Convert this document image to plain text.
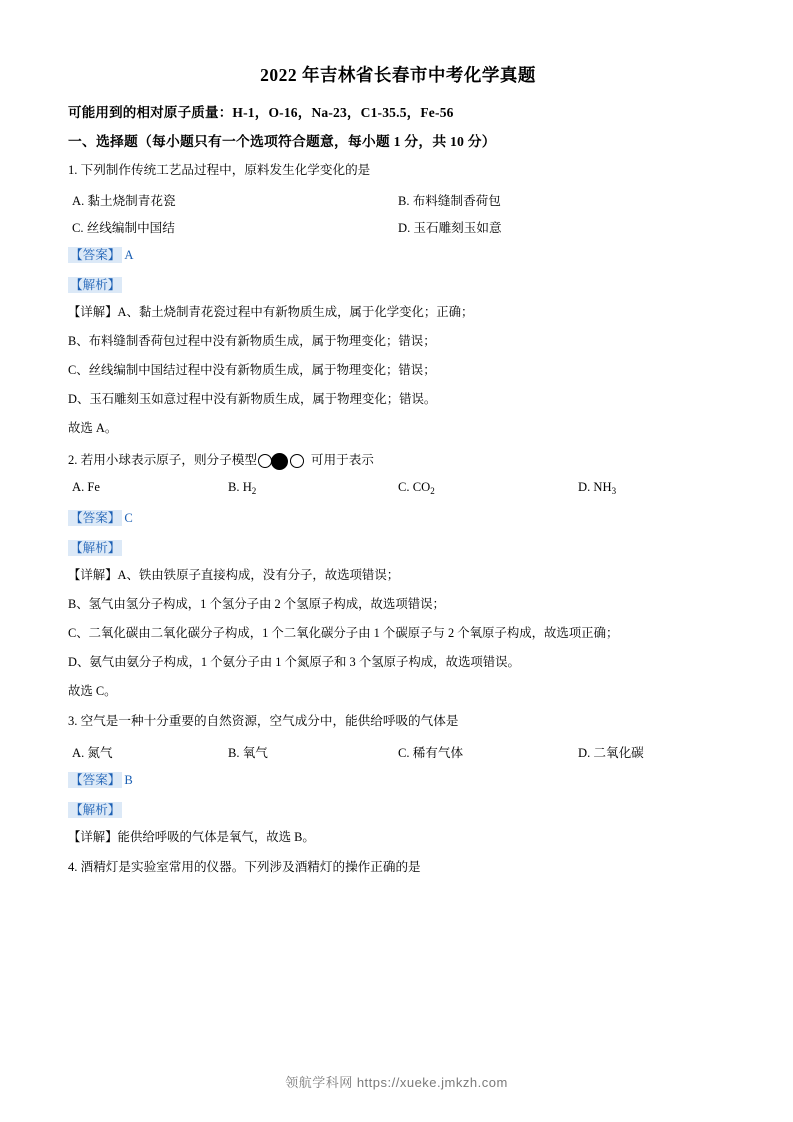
2022 年吉林省长春市中考化学真题
可能用到的相对原子质量：H-1，O-16，Na-23，C1-35.5，Fe-56
一、选择题（每小题只有一个选项符合题意，每小题 1 分，共 10 分）
1. 下列制作传统工艺品过程中，原料发生化学变化的是
A. 黏土烧制青花瓷	B. 布料缝制香荷包
C. 丝线编制中国结	D. 玉石雕刻玉如意
【答案】 A
【解析】
【详解】A、黏土烧制青花瓷过程中有新物质生成，属于化学变化；正确；
B、布料缝制香荷包过程中没有新物质生成，属于物理变化；错误；
C、丝线编制中国结过程中没有新物质生成，属于物理变化；错误；
D、玉石雕刻玉如意过程中没有新物质生成，属于物理变化；错误。
故选 A。
2. 若用小球表示原子，则分子模型	可用于表示
A. Fe	B. $H_2$	C. $CO_2$	D. $NH_3$
【答案】 C
【解析】
【详解】A、铁由铁原子直接构成，没有分子，故选项错误；
B、氢气由氢分子构成，1 个氢分子由 2 个氢原子构成，故选项错误；
C、二氧化碳由二氧化碳分子构成，1 个二氧化碳分子由 1 个碳原子与 2 个氧原子构成，故选项正确；
D、氨气由氨分子构成，1 个氨分子由 1 个氮原子和 3 个氢原子构成，故选项错误。
故选 C。
3. 空气是一种十分重要的自然资源，空气成分中，能供给呼吸的气体是
A. 氮气	B. 氧气	C. 稀有气体	D. 二氧化碳
【答案】 B
【解析】
【详解】能供给呼吸的气体是氧气，故选 B。
4. 酒精灯是实验室常用的仪器。下列涉及酒精灯的操作正确的是
领航学科网 https://xueke.jmkzh.com
